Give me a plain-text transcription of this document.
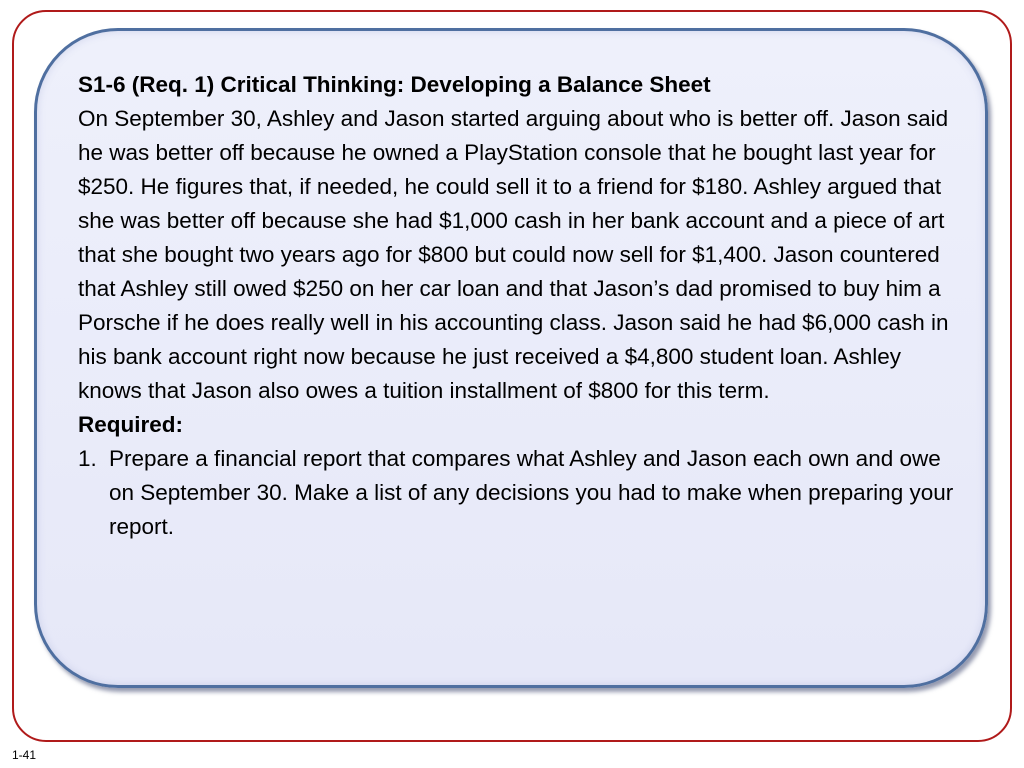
S1-6 (Req. 1) Critical Thinking: Developing a Balance Sheet

On September 30, Ashley and Jason started arguing about who is better off. Jason said he was better off because he owned a PlayStation console that he bought last year for $250. He figures that, if needed, he could sell it to a friend for $180. Ashley argued that she was better off because she had $1,000 cash in her bank account and a piece of art that she bought two years ago for $800 but could now sell for $1,400. Jason countered that Ashley still owed $250 on her car loan and that Jason’s dad promised to buy him a Porsche if he does really well in his accounting class. Jason said he had $6,000 cash in his bank account right now because he just received a $4,800 student loan. Ashley knows that Jason also owes a tuition installment of $800 for this term.

Required:

1. Prepare a financial report that compares what Ashley and Jason each own and owe on September 30. Make a list of any decisions you had to make when preparing your report.
1-41
